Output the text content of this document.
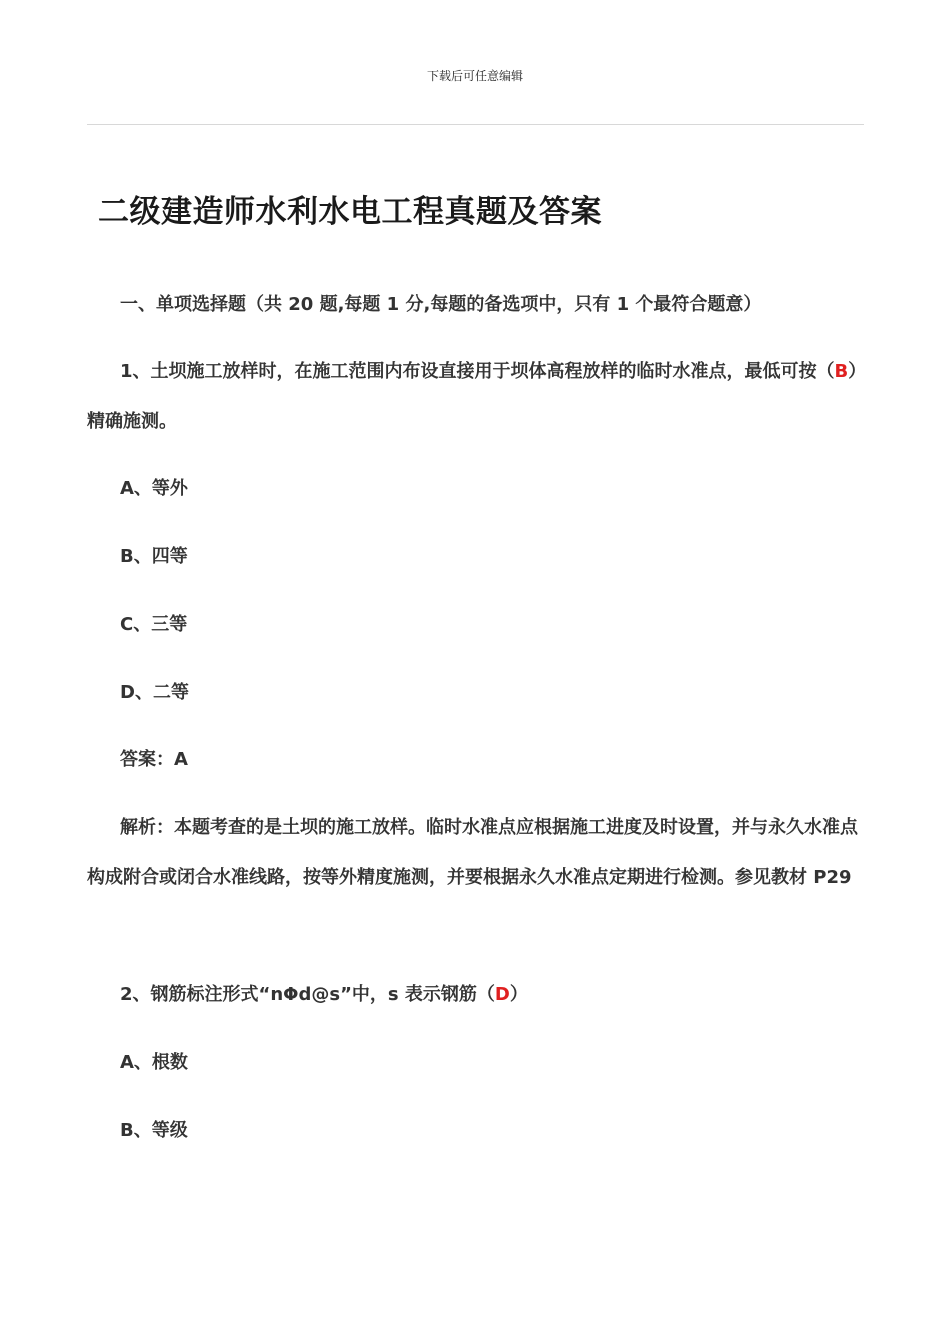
下载后可任意编辑
二级建造师水利水电工程真题及答案

一、单项选择题（共 20 题,每题 1 分,每题的备选项中，只有 1 个最符合题意）

1、土坝施工放样时，在施工范围内布设直接用于坝体高程放样的临时水准点，最低可按（B）精确施测。

A、等外

B、四等

C、三等

D、二等

答案：A

解析：本题考查的是土坝的施工放样。临时水准点应根据施工进度及时设置，并与永久水准点构成附合或闭合水准线路，按等外精度施测，并要根据永久水准点定期进行检测。参见教材 P29

2、钢筋标注形式“nΦd@s”中，s 表示钢筋（D）

A、根数

B、等级
